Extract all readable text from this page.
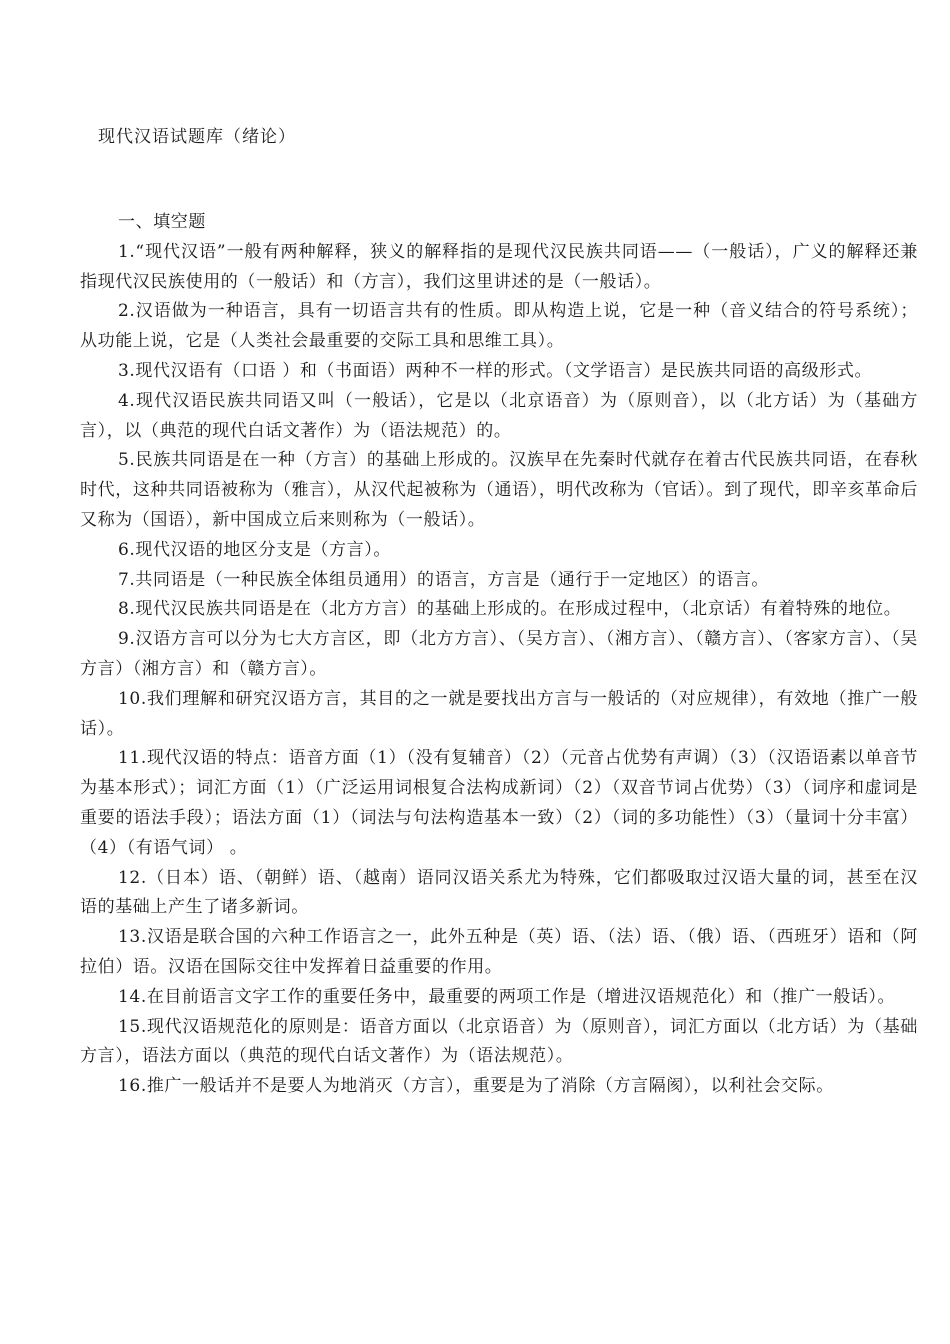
现代汉语试题库（绪论）

一、填空题

1.“现代汉语”一般有两种解释，狭义的解释指的是现代汉民族共同语——（一般话），广义的解释还兼指现代汉民族使用的（一般话）和（方言），我们这里讲述的是（一般话）。

2.汉语做为一种语言，具有一切语言共有的性质。即从构造上说，它是一种（音义结合的符号系统）；从功能上说，它是（人类社会最重要的交际工具和思维工具）。

3.现代汉语有（口语 ）和（书面语）两种不一样的形式。（文学语言）是民族共同语的高级形式。

4.现代汉语民族共同语又叫（一般话），它是以（北京语音）为（原则音），以（北方话）为（基础方言），以（典范的现代白话文著作）为（语法规范）的。

5.民族共同语是在一种（方言）的基础上形成的。汉族早在先秦时代就存在着古代民族共同语，在春秋时代，这种共同语被称为（雅言），从汉代起被称为（通语），明代改称为（官话）。到了现代，即辛亥革命后又称为（国语），新中国成立后来则称为（一般话）。

6.现代汉语的地区分支是（方言）。

7.共同语是（一种民族全体组员通用）的语言，方言是（通行于一定地区）的语言。

8.现代汉民族共同语是在（北方方言）的基础上形成的。在形成过程中，（北京话）有着特殊的地位。

9.汉语方言可以分为七大方言区，即（北方方言）、（吴方言）、（湘方言）、（赣方言）、（客家方言）、（吴方言）（湘方言）和（赣方言）。

10.我们理解和研究汉语方言，其目的之一就是要找出方言与一般话的（对应规律），有效地（推广一般话）。

11.现代汉语的特点：语音方面（1）（没有复辅音）（2）（元音占优势有声调）（3）（汉语语素以单音节为基本形式）；词汇方面（1）（广泛运用词根复合法构成新词）（2）（双音节词占优势）（3）（词序和虚词是重要的语法手段）；语法方面（1）（词法与句法构造基本一致）（2）（词的多功能性）（3）（量词十分丰富）（4）（有语气词） 。

12.（日本）语、（朝鲜）语、（越南）语同汉语关系尤为特殊，它们都吸取过汉语大量的词，甚至在汉语的基础上产生了诸多新词。

13.汉语是联合国的六种工作语言之一，此外五种是（英）语、（法）语、（俄）语、（西班牙）语和（阿拉伯）语。汉语在国际交往中发挥着日益重要的作用。

14.在目前语言文字工作的重要任务中，最重要的两项工作是（增进汉语规范化）和（推广一般话）。

15.现代汉语规范化的原则是：语音方面以（北京语音）为（原则音），词汇方面以（北方话）为（基础方言），语法方面以（典范的现代白话文著作）为（语法规范）。

16.推广一般话并不是要人为地消灭（方言），重要是为了消除（方言隔阂），以利社会交际。
